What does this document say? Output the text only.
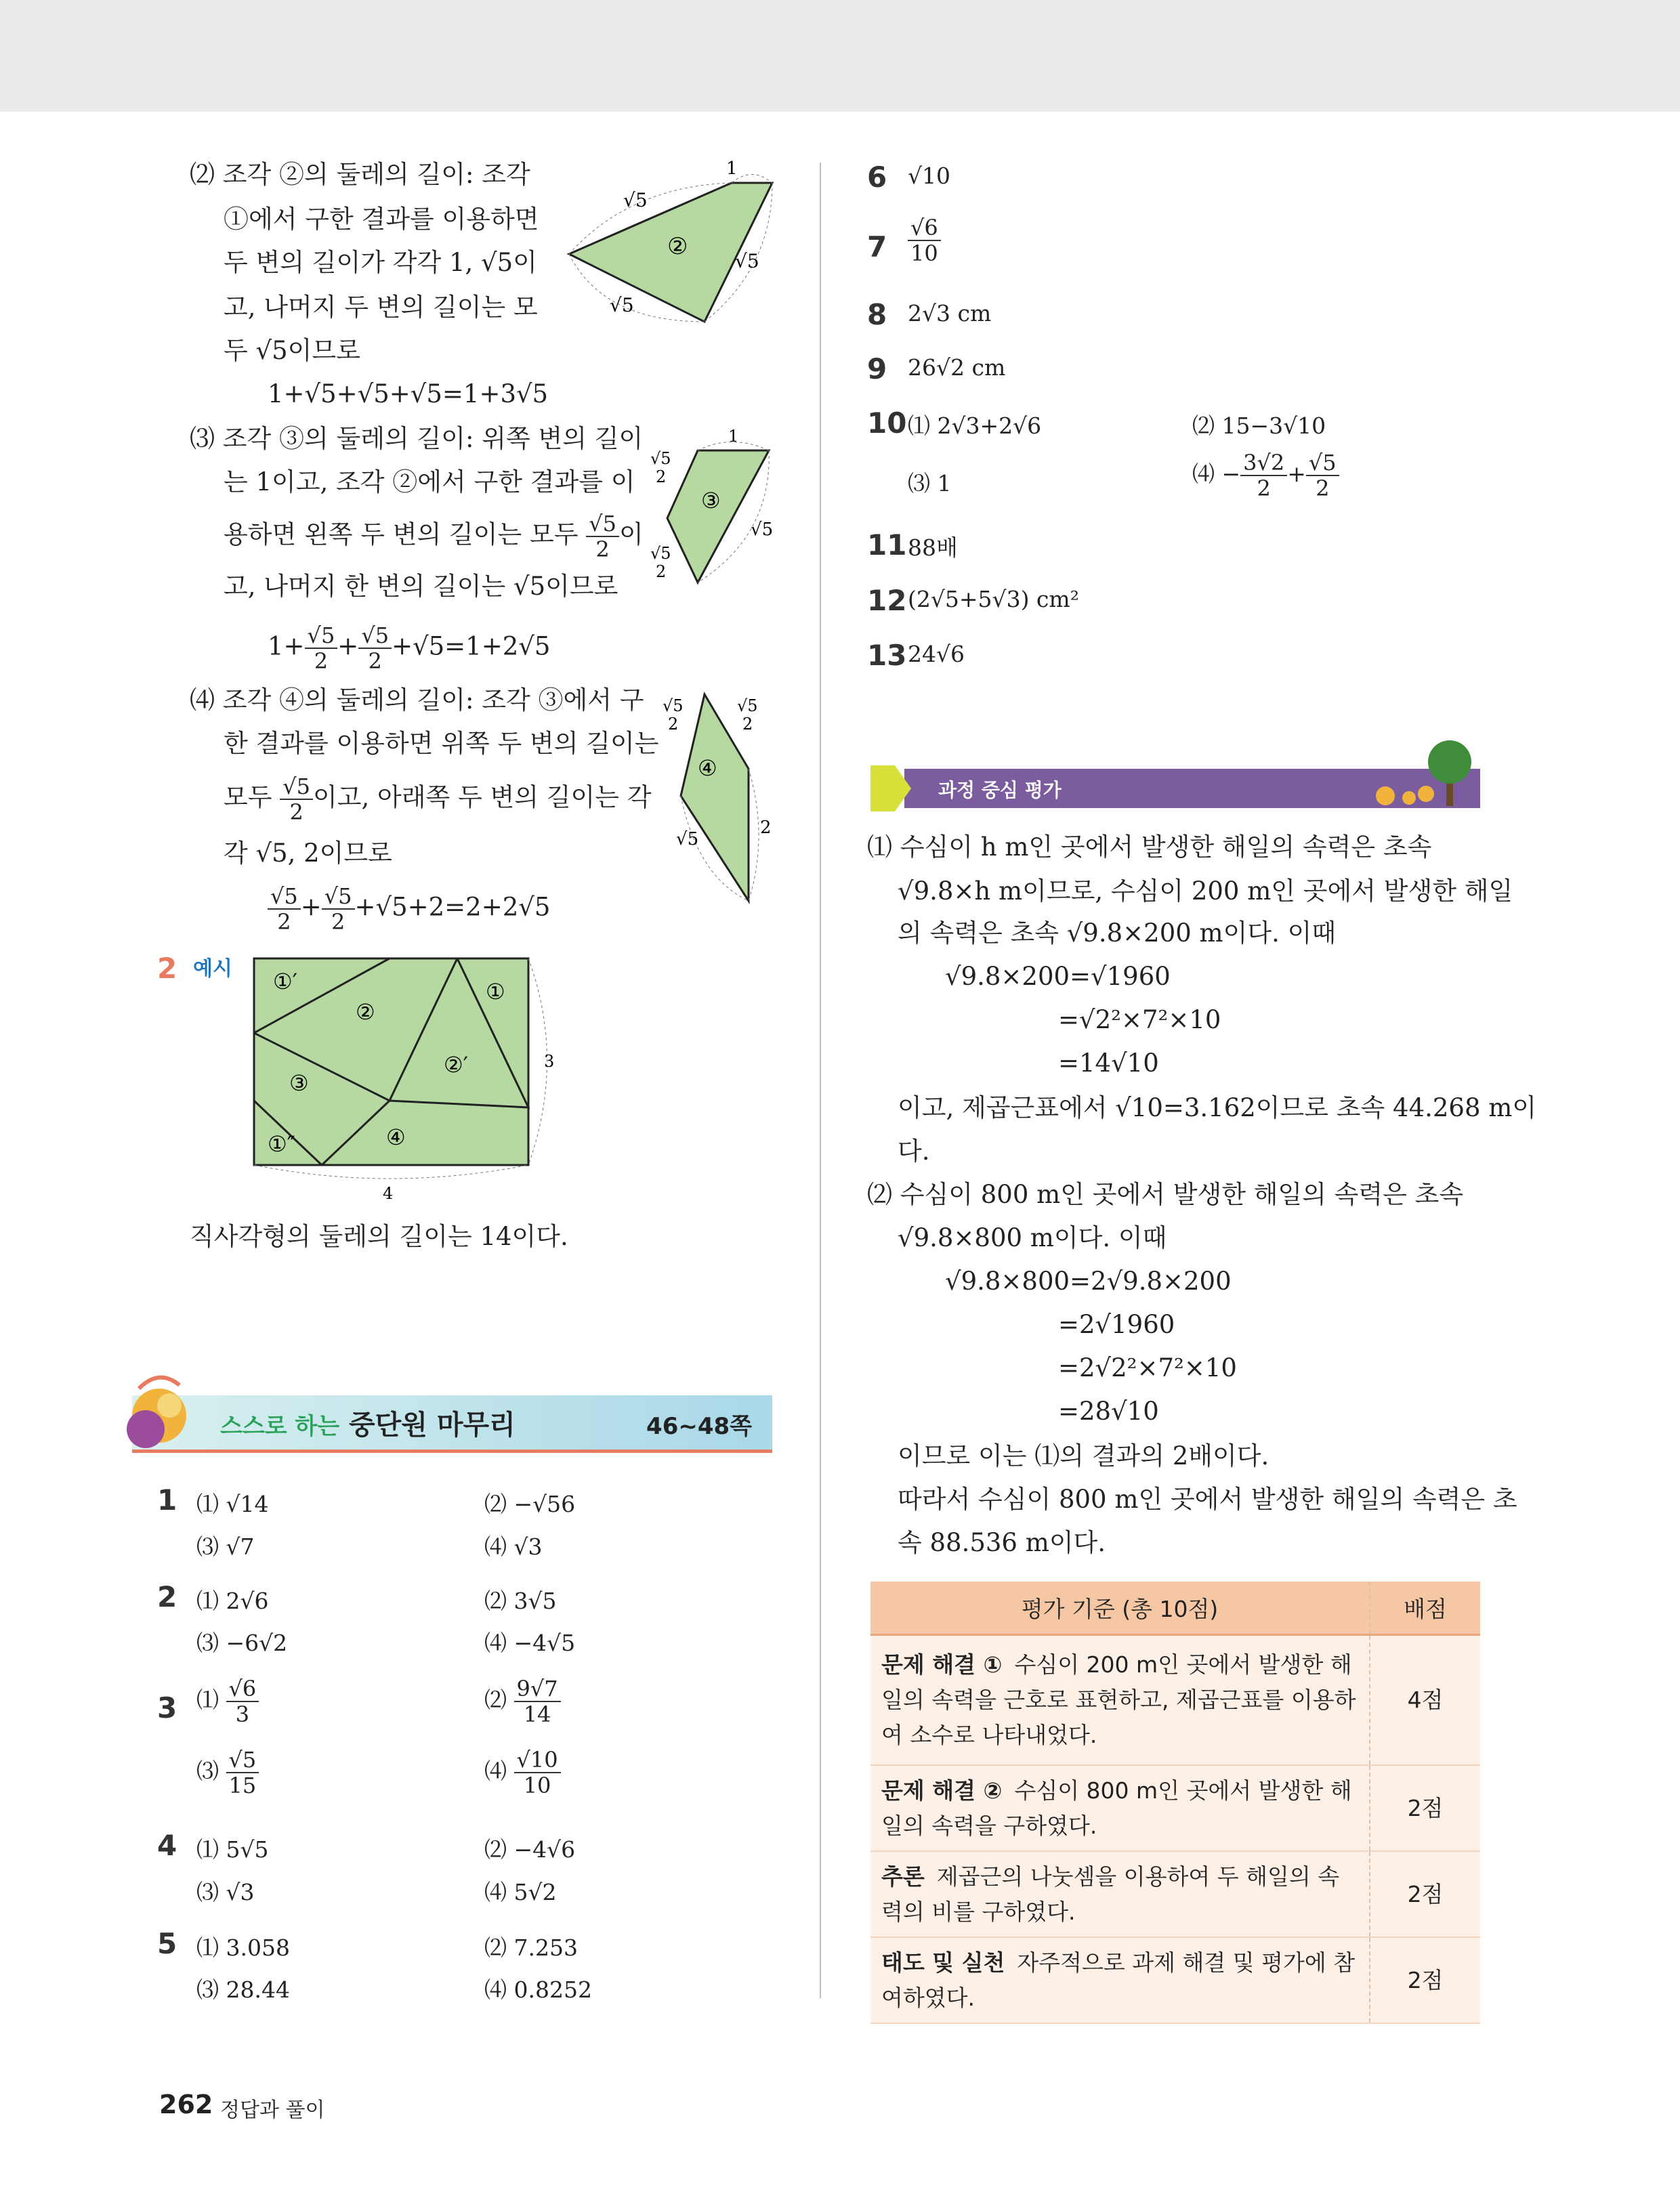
⑵ 조각 ②의 둘레의 길이: 조각
①에서 구한 결과를 이용하면
두 변의 길이가 각각 1, √5이
고, 나머지 두 변의 길이는 모
두 √5이므로
1+√5+√5+√5=1+3√5
√5
1
√5
√5
②
⑶ 조각 ③의 둘레의 길이: 위쪽 변의 길이
는 1이고, 조각 ②에서 구한 결과를 이
용하면 왼쪽 두 변의 길이는 모두 $\frac{√5}{2}$ 이
고, 나머지 한 변의 길이는 √5이므로
$1+ \frac{√5}{2} + \frac{√5}{2} +√5=1+2√5$
1
√5
2
√5
2
√5
③
⑷ 조각 ④의 둘레의 길이: 조각 ③에서 구
한 결과를 이용하면 위쪽 두 변의 길이는
모두 $\frac{√5}{2}$ 이고, 아래쪽 두 변의 길이는 각
각 √5, 2이므로
$\frac{√5}{2} + \frac{√5}{2} +√5+2=2+2√5$
√5
2
√5
2
√5
2
④
2 예시 ①′
②
①
②′
③
①″	④
3
4
직사각형의 둘레의 길이는 14이다.
스스로 하는 중단원 마무리	46~48쪽
1 ⑴ √14	⑵ −√56
⑶ √7	⑷ √3
2 ⑴ 2√6	⑵ 3√5
⑶ −6√2	⑷ −4√5
3 ⑴ $\frac{√6}{3}$	⑵ $\frac{9√7}{14}$
⑶ $\frac{√5}{15}$	⑷ $\frac{√10}{10}$
4 ⑴ 5√5	⑵ −4√6
⑶ √3	⑷ 5√2
5 ⑴ 3.058	⑵ 7.253
⑶ 28.44	⑷ 0.8252
6 √10
$7 \frac{√6}{10}$
8 2√3 cm
9 26√2 cm
10 ⑴ 2√3+2√6	⑵ 15−3√10
⑶ 1	⑷ − $\frac{3√2}{2} + \frac{√5}{2}$
11 88배
12 (2√5+5√3) cm²
13 24√6
과정 중심 평가
⑴ 수심이 h m인 곳에서 발생한 해일의 속력은 초속
√9.8×h m이므로, 수심이 200 m인 곳에서 발생한 해일
의 속력은 초속 √9.8×200 m이다. 이때
√9.8×200=√1960
=√2²×7²×10
=14√10
이고, 제곱근표에서 √10=3.162이므로 초속 44.268 m이
다.
⑵ 수심이 800 m인 곳에서 발생한 해일의 속력은 초속
√9.8×800 m이다. 이때
√9.8×800=2√9.8×200
=2√1960
=2√2²×7²×10
=28√10
이므로 이는 ⑴의 결과의 2배이다.
따라서 수심이 800 m인 곳에서 발생한 해일의 속력은 초
속 88.536 m이다.
평가 기준 (총 10점)	배점
문제 해결 ① 수심이 200 m인 곳에서 발생한 해일의 속력을 근호로 표현하고, 제곱근표를 이용하여 소수로 나타내었다.	4점
문제 해결 ② 수심이 800 m인 곳에서 발생한 해일의 속력을 구하였다.	2점
추론 제곱근의 나눗셈을 이용하여 두 해일의 속력의 비를 구하였다.	2점
태도 및 실천 자주적으로 과제 해결 및 평가에 참여하였다.	2점
262 정답과 풀이
